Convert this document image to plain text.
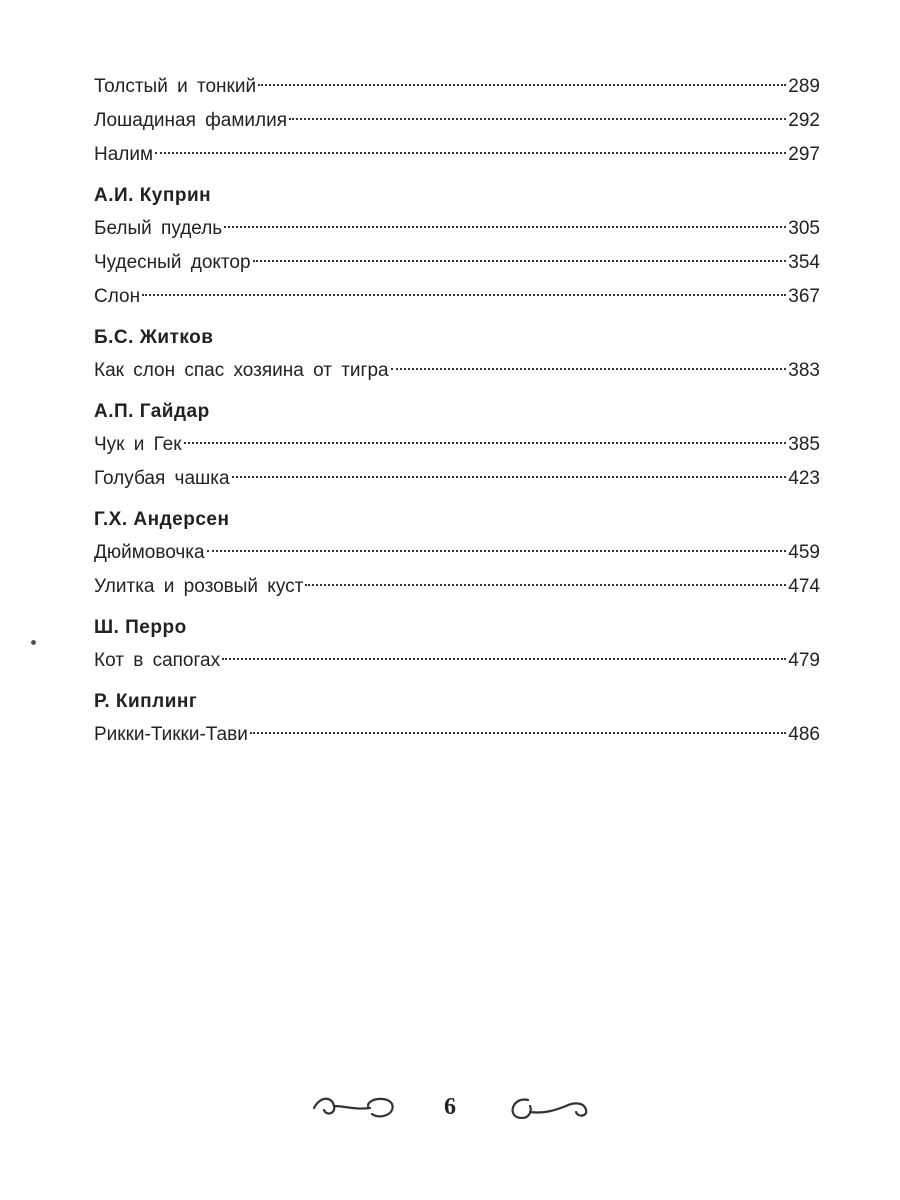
Толстый и тонкий	289
Лошадиная фамилия	292
Налим	297
А.И. Куприн
Белый пудель	305
Чудесный доктор	354
Слон	367
Б.С. Житков
Как слон спас хозяина от тигра	383
А.П. Гайдар
Чук и Гек	385
Голубая чашка	423
Г.Х. Андерсен
Дюймовочка	459
Улитка и розовый куст	474
Ш. Перро
Кот в сапогах	479
Р. Киплинг
Рикки-Тикки-Тави	486
6
